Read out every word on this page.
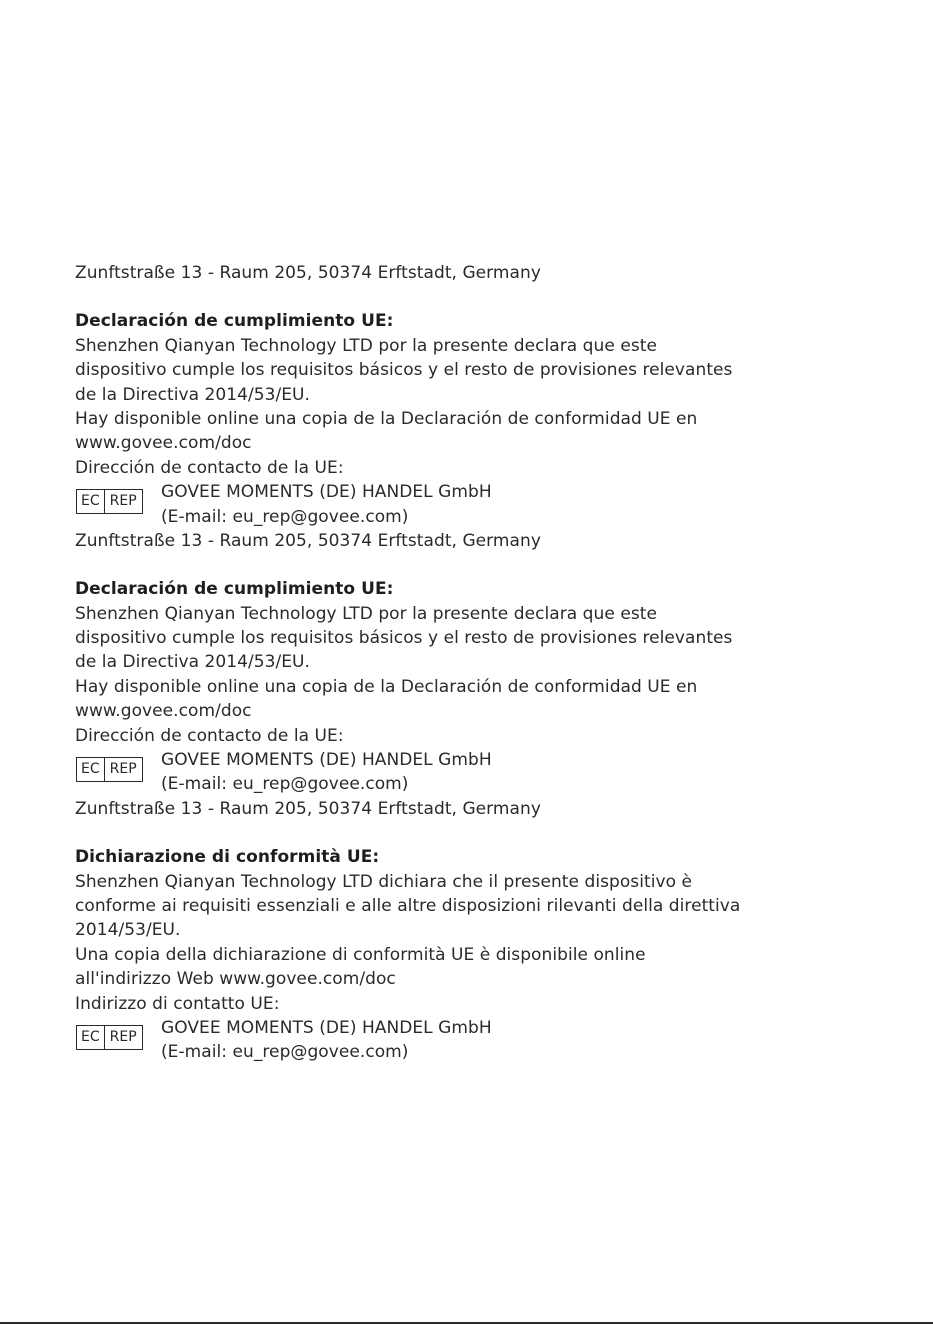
Zunftstraße 13 - Raum 205, 50374 Erftstadt, Germany
Declaración de cumplimiento UE:
Shenzhen Qianyan Technology LTD por la presente declara que este
dispositivo cumple los requisitos básicos y el resto de provisiones relevantes
de la Directiva 2014/53/EU.
Hay disponible online una copia de la Declaración de conformidad UE en
www.govee.com/doc
Dirección de contacto de la UE:
EC REP GOVEE MOMENTS (DE) HANDEL GmbH
(E-mail: eu_rep@govee.com)
Zunftstraße 13 - Raum 205, 50374 Erftstadt, Germany
Declaración de cumplimiento UE:
Shenzhen Qianyan Technology LTD por la presente declara que este
dispositivo cumple los requisitos básicos y el resto de provisiones relevantes
de la Directiva 2014/53/EU.
Hay disponible online una copia de la Declaración de conformidad UE en
www.govee.com/doc
Dirección de contacto de la UE:
EC REP GOVEE MOMENTS (DE) HANDEL GmbH
(E-mail: eu_rep@govee.com)
Zunftstraße 13 - Raum 205, 50374 Erftstadt, Germany
Dichiarazione di conformità UE:
Shenzhen Qianyan Technology LTD dichiara che il presente dispositivo è
conforme ai requisiti essenziali e alle altre disposizioni rilevanti della direttiva
2014/53/EU.
Una copia della dichiarazione di conformità UE è disponibile online
all'indirizzo Web www.govee.com/doc
Indirizzo di contatto UE:
EC REP GOVEE MOMENTS (DE) HANDEL GmbH
(E-mail: eu_rep@govee.com)
